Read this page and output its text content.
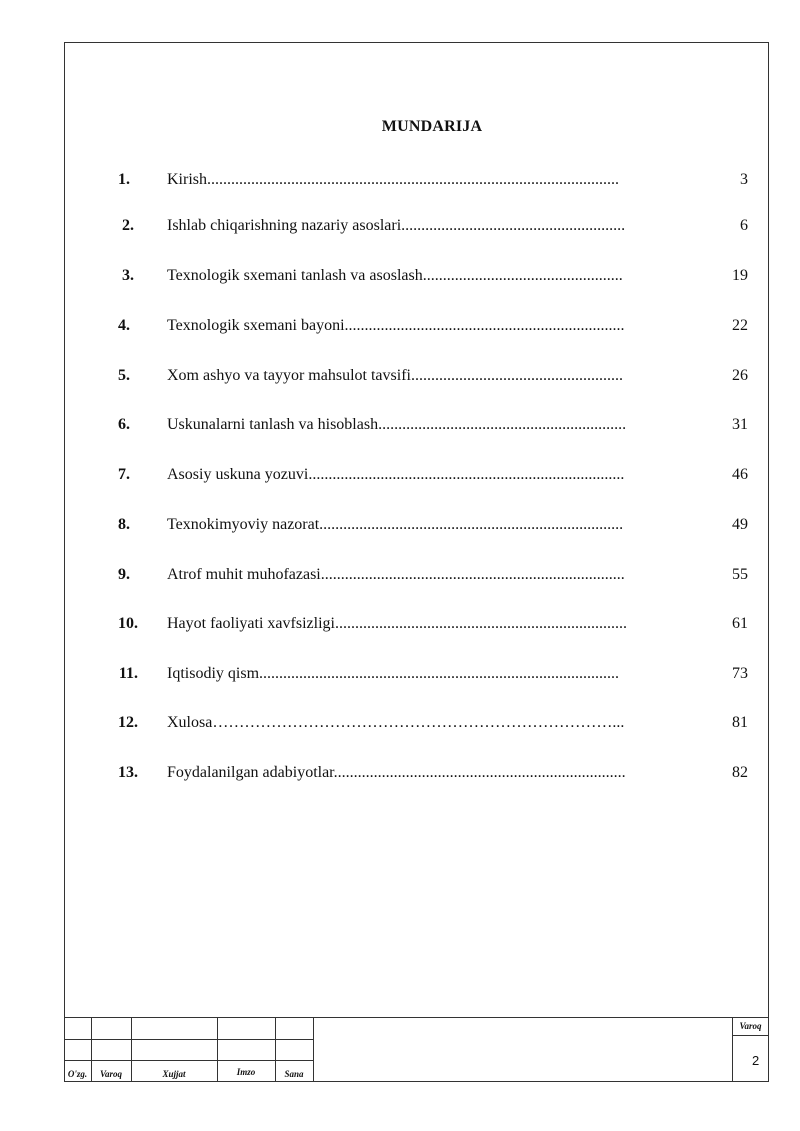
MUNDARIJA
1. Kirish.......................................................................................................	3
2. Ishlab chiqarishning nazariy asoslari........................................................	6
3. Texnologik sxemani tanlash va asoslash..................................................	19
4. Texnologik sxemani bayoni......................................................................	22
5. Xom ashyo va tayyor mahsulot tavsifi.....................................................	26
6. Uskunalarni tanlash va hisoblash..............................................................	31
7. Asosiy uskuna yozuvi...............................................................................	46
8. Texnokimyoviy nazorat............................................................................	49
9. Atrof muhit muhofazasi............................................................................	55
10. Hayot faoliyati xavfsizligi.........................................................................	61
11. Iqtisodiy qism..........................................................................................	73
12. Xulosa…………………………………………………………………...	81
13. Foydalanilgan adabiyotlar.........................................................................	82
O'zg.	Varoq	Xujjat	Imzo	Sana
Varoq
2
